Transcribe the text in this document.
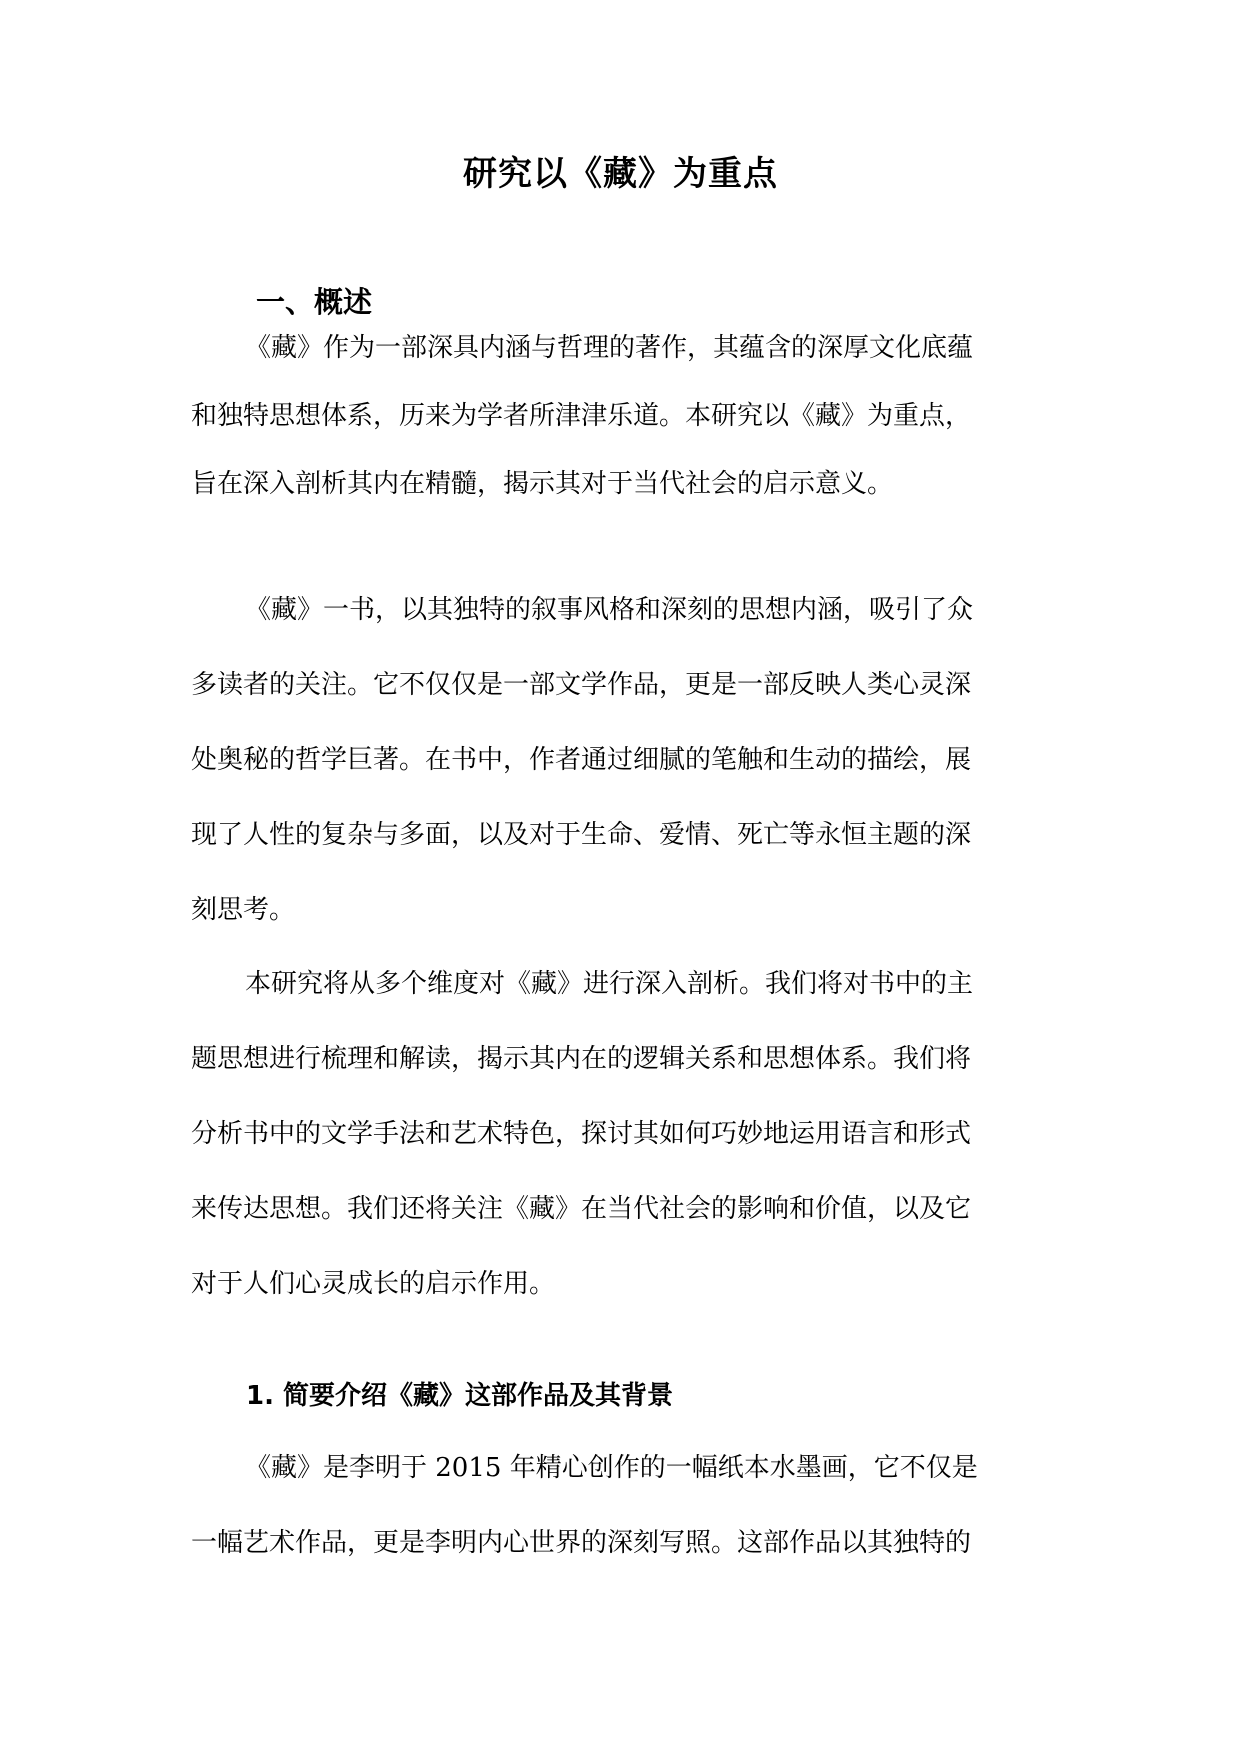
研究以《藏》为重点
一、概述

《藏》作为一部深具内涵与哲理的著作，其蕴含的深厚文化底蕴

和独特思想体系，历来为学者所津津乐道。本研究以《藏》为重点，

旨在深入剖析其内在精髓，揭示其对于当代社会的启示意义。

《藏》一书，以其独特的叙事风格和深刻的思想内涵，吸引了众

多读者的关注。它不仅仅是一部文学作品，更是一部反映人类心灵深

处奥秘的哲学巨著。在书中，作者通过细腻的笔触和生动的描绘，展

现了人性的复杂与多面，以及对于生命、爱情、死亡等永恒主题的深

刻思考。

本研究将从多个维度对《藏》进行深入剖析。我们将对书中的主

题思想进行梳理和解读，揭示其内在的逻辑关系和思想体系。我们将

分析书中的文学手法和艺术特色，探讨其如何巧妙地运用语言和形式

来传达思想。我们还将关注《藏》在当代社会的影响和价值，以及它

对于人们心灵成长的启示作用。

1. 简要介绍《藏》这部作品及其背景

《藏》是李明于 2015 年精心创作的一幅纸本水墨画，它不仅是

一幅艺术作品，更是李明内心世界的深刻写照。这部作品以其独特的
